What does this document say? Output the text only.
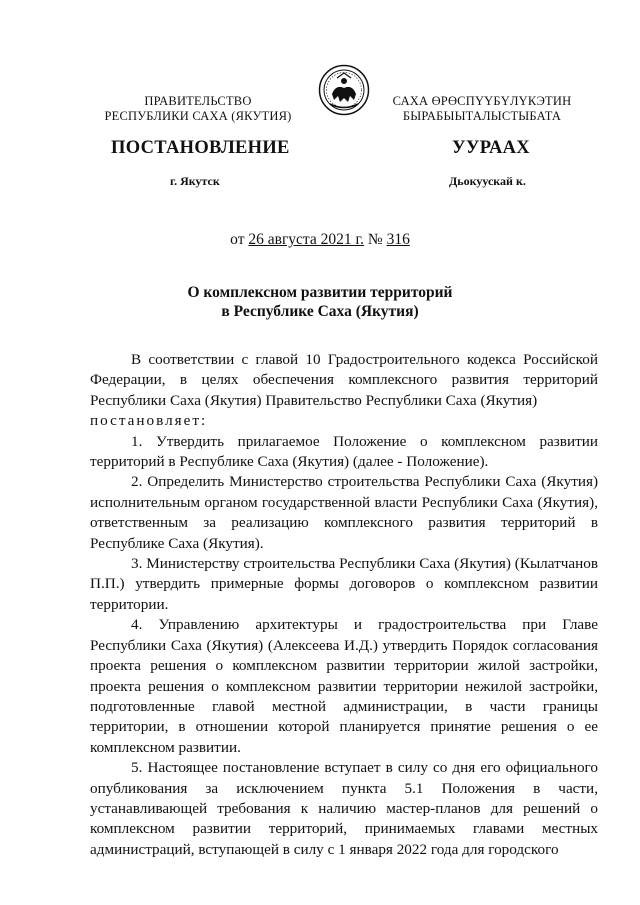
ПРАВИТЕЛЬСТВО
РЕСПУБЛИКИ САХА (ЯКУТИЯ)
САХА ӨРӨСПҮҮБҮЛҮКЭТИН
БЫРАБЫЫТАЛЫСТЫБАТА
ПОСТАНОВЛЕНИЕ	УУРААХ
г. Якутск	Дьокуускай к.
от 26 августа 2021 г. № 316
О комплексном развитии территорий
в Республике Саха (Якутия)

В соответствии с главой 10 Градостроительного кодекса Российской Федерации, в целях обеспечения комплексного развития территорий Республики Саха (Якутия) Правительство Республики Саха (Якутия)
постановляет:

1. Утвердить прилагаемое Положение о комплексном развитии территорий в Республике Саха (Якутия) (далее - Положение).

2. Определить Министерство строительства Республики Саха (Якутия) исполнительным органом государственной власти Республики Саха (Якутия), ответственным за реализацию комплексного развития территорий в Республике Саха (Якутия).

3. Министерству строительства Республики Саха (Якутия) (Кылатчанов П.П.) утвердить примерные формы договоров о комплексном развитии территории.

4. Управлению архитектуры и градостроительства при Главе Республики Саха (Якутия) (Алексеева И.Д.) утвердить Порядок согласования проекта решения о комплексном развитии территории жилой застройки, проекта решения о комплексном развитии территории нежилой застройки, подготовленные главой местной администрации, в части границы территории, в отношении которой планируется принятие решения о ее комплексном развитии.

5. Настоящее постановление вступает в силу со дня его официального опубликования за исключением пункта 5.1 Положения в части, устанавливающей требования к наличию мастер-планов для решений о комплексном развитии территорий, принимаемых главами местных администраций, вступающей в силу с 1 января 2022 года для городского
